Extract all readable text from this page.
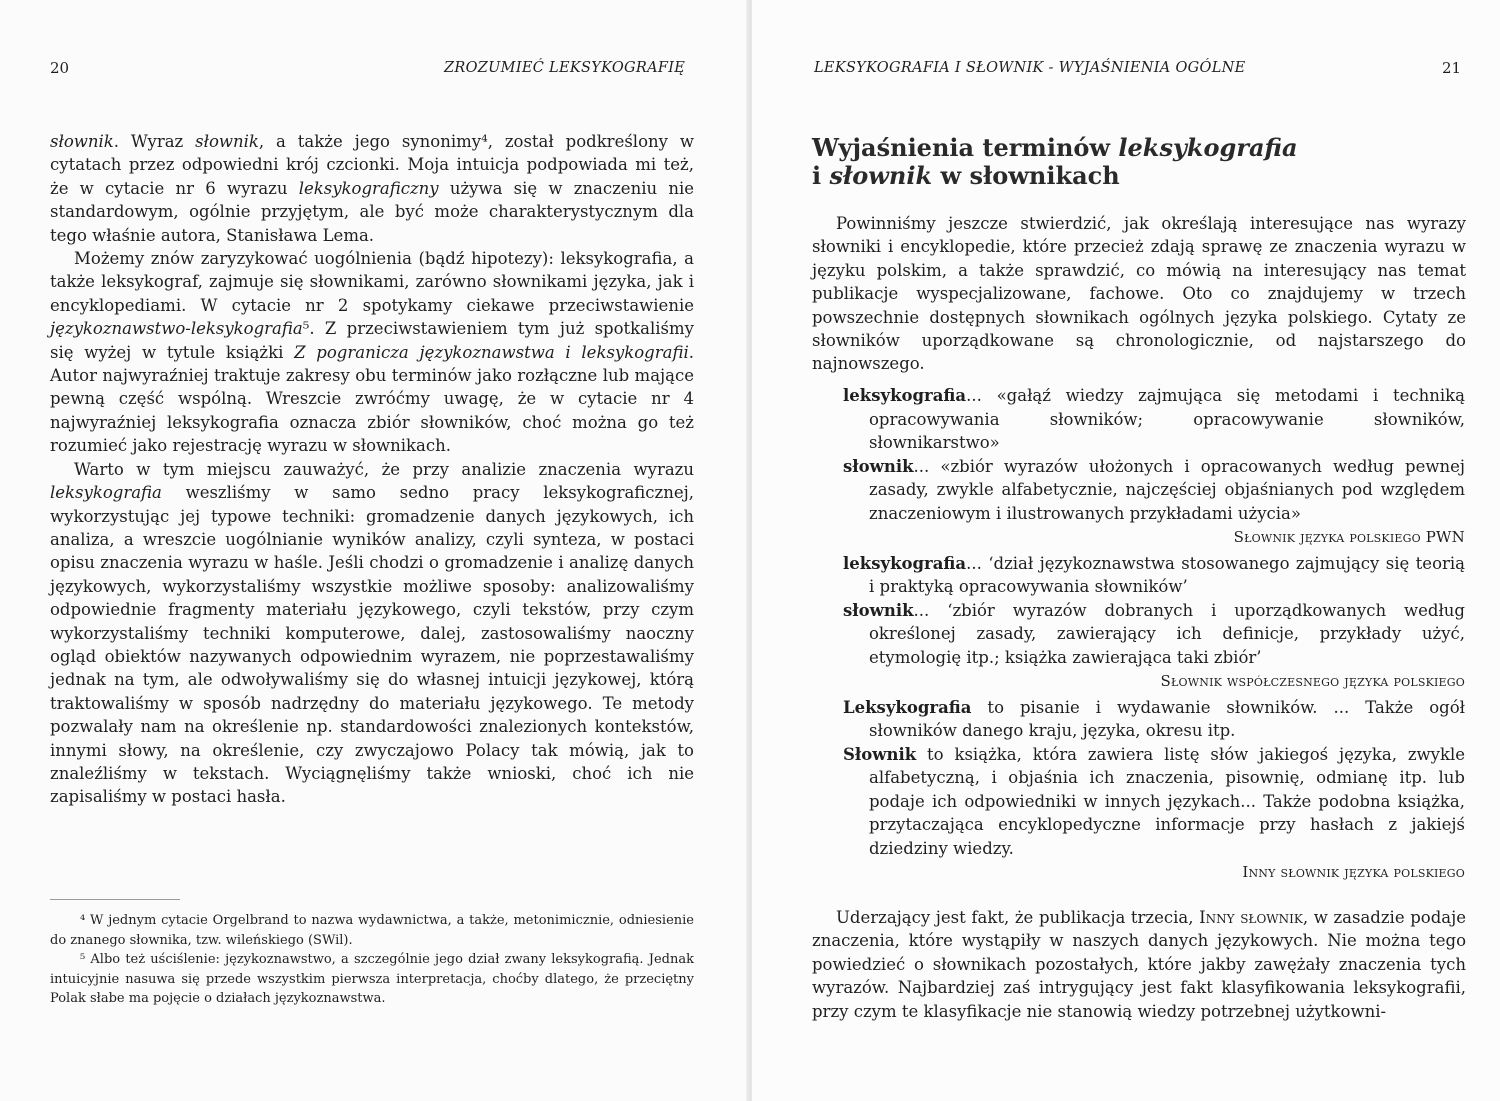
20	ZROZUMIEĆ LEKSYKOGRAFIĘ

słownik. Wyraz słownik, a także jego synonimy⁴, został podkreślony w cytatach przez odpowiedni krój czcionki. Moja intuicja podpowiada mi też, że w cytacie nr 6 wyrazu leksykograficzny używa się w znaczeniu nie standardowym, ogólnie przyjętym, ale być może charakterystycznym dla tego właśnie autora, Stanisława Lema.

Możemy znów zaryzykować uogólnienia (bądź hipotezy): leksykografia, a także leksykograf, zajmuje się słownikami, zarówno słownikami języka, jak i encyklopediami. W cytacie nr 2 spotykamy ciekawe przeciwstawienie językoznawstwo-leksykografia⁵. Z przeciwstawieniem tym już spotkaliśmy się wyżej w tytule książki Z pogranicza językoznawstwa i leksykografii. Autor najwyraźniej traktuje zakresy obu terminów jako rozłączne lub mające pewną część wspólną. Wreszcie zwróćmy uwagę, że w cytacie nr 4 najwyraźniej leksykografia oznacza zbiór słowników, choć można go też rozumieć jako rejestrację wyrazu w słownikach.

Warto w tym miejscu zauważyć, że przy analizie znaczenia wyrazu leksykografia weszliśmy w samo sedno pracy leksykograficznej, wykorzystując jej typowe techniki: gromadzenie danych językowych, ich analiza, a wreszcie uogólnianie wyników analizy, czyli synteza, w postaci opisu znaczenia wyrazu w haśle. Jeśli chodzi o gromadzenie i analizę danych językowych, wykorzystaliśmy wszystkie możliwe sposoby: analizowaliśmy odpowiednie fragmenty materiału językowego, czyli tekstów, przy czym wykorzystaliśmy techniki komputerowe, dalej, zastosowaliśmy naoczny ogląd obiektów nazywanych odpowiednim wyrazem, nie poprzestawaliśmy jednak na tym, ale odwoływaliśmy się do własnej intuicji językowej, którą traktowaliśmy w sposób nadrzędny do materiału językowego. Te metody pozwalały nam na określenie np. standardowości znalezionych kontekstów, innymi słowy, na określenie, czy zwyczajowo Polacy tak mówią, jak to znaleźliśmy w tekstach. Wyciągnęliśmy także wnioski, choć ich nie zapisaliśmy w postaci hasła.

⁴ W jednym cytacie Orgelbrand to nazwa wydawnictwa, a także, metonimicznie, odniesienie do znanego słownika, tzw. wileńskiego (SWil).

⁵ Albo też uściślenie: językoznawstwo, a szczególnie jego dział zwany leksykografią. Jednak intuicyjnie nasuwa się przede wszystkim pierwsza interpretacja, choćby dlatego, że przeciętny Polak słabe ma pojęcie o działach językoznawstwa.

LEKSYKOGRAFIA I SŁOWNIK - WYJAŚNIENIA OGÓLNE	21
Wyjaśnienia terminów leksykografia
i słownik w słownikach

Powinniśmy jeszcze stwierdzić, jak określają interesujące nas wyrazy słowniki i encyklopedie, które przecież zdają sprawę ze znaczenia wyrazu w języku polskim, a także sprawdzić, co mówią na interesujący nas temat publikacje wyspecjalizowane, fachowe. Oto co znajdujemy w trzech powszechnie dostępnych słownikach ogólnych języka polskiego. Cytaty ze słowników uporządkowane są chronologicznie, od najstarszego do najnowszego.

leksykografia... «gałąź wiedzy zajmująca się metodami i techniką opracowywania słowników; opracowywanie słowników, słownikarstwo»

słownik... «zbiór wyrazów ułożonych i opracowanych według pewnej zasady, zwykle alfabetycznie, najczęściej objaśnianych pod względem znaczeniowym i ilustrowanych przykładami użycia»

Słownik języka polskiego PWN

leksykografia... ‘dział językoznawstwa stosowanego zajmujący się teorią i praktyką opracowywania słowników’

słownik... ‘zbiór wyrazów dobranych i uporządkowanych według określonej zasady, zawierający ich definicje, przykłady użyć, etymologię itp.; książka zawierająca taki zbiór’

Słownik współczesnego języka polskiego

Leksykografia to pisanie i wydawanie słowników. ... Także ogół słowników danego kraju, języka, okresu itp.

Słownik to książka, która zawiera listę słów jakiegoś języka, zwykle alfabetyczną, i objaśnia ich znaczenia, pisownię, odmianę itp. lub podaje ich odpowiedniki w innych językach... Także podobna książka, przytaczająca encyklopedyczne informacje przy hasłach z jakiejś dziedziny wiedzy.

Inny słownik języka polskiego

Uderzający jest fakt, że publikacja trzecia, Inny słownik, w zasadzie podaje znaczenia, które wystąpiły w naszych danych językowych. Nie można tego powiedzieć o słownikach pozostałych, które jakby zawężały znaczenia tych wyrazów. Najbardziej zaś intrygujący jest fakt klasyfikowania leksykografii, przy czym te klasyfikacje nie stanowią wiedzy potrzebnej użytkowni-
